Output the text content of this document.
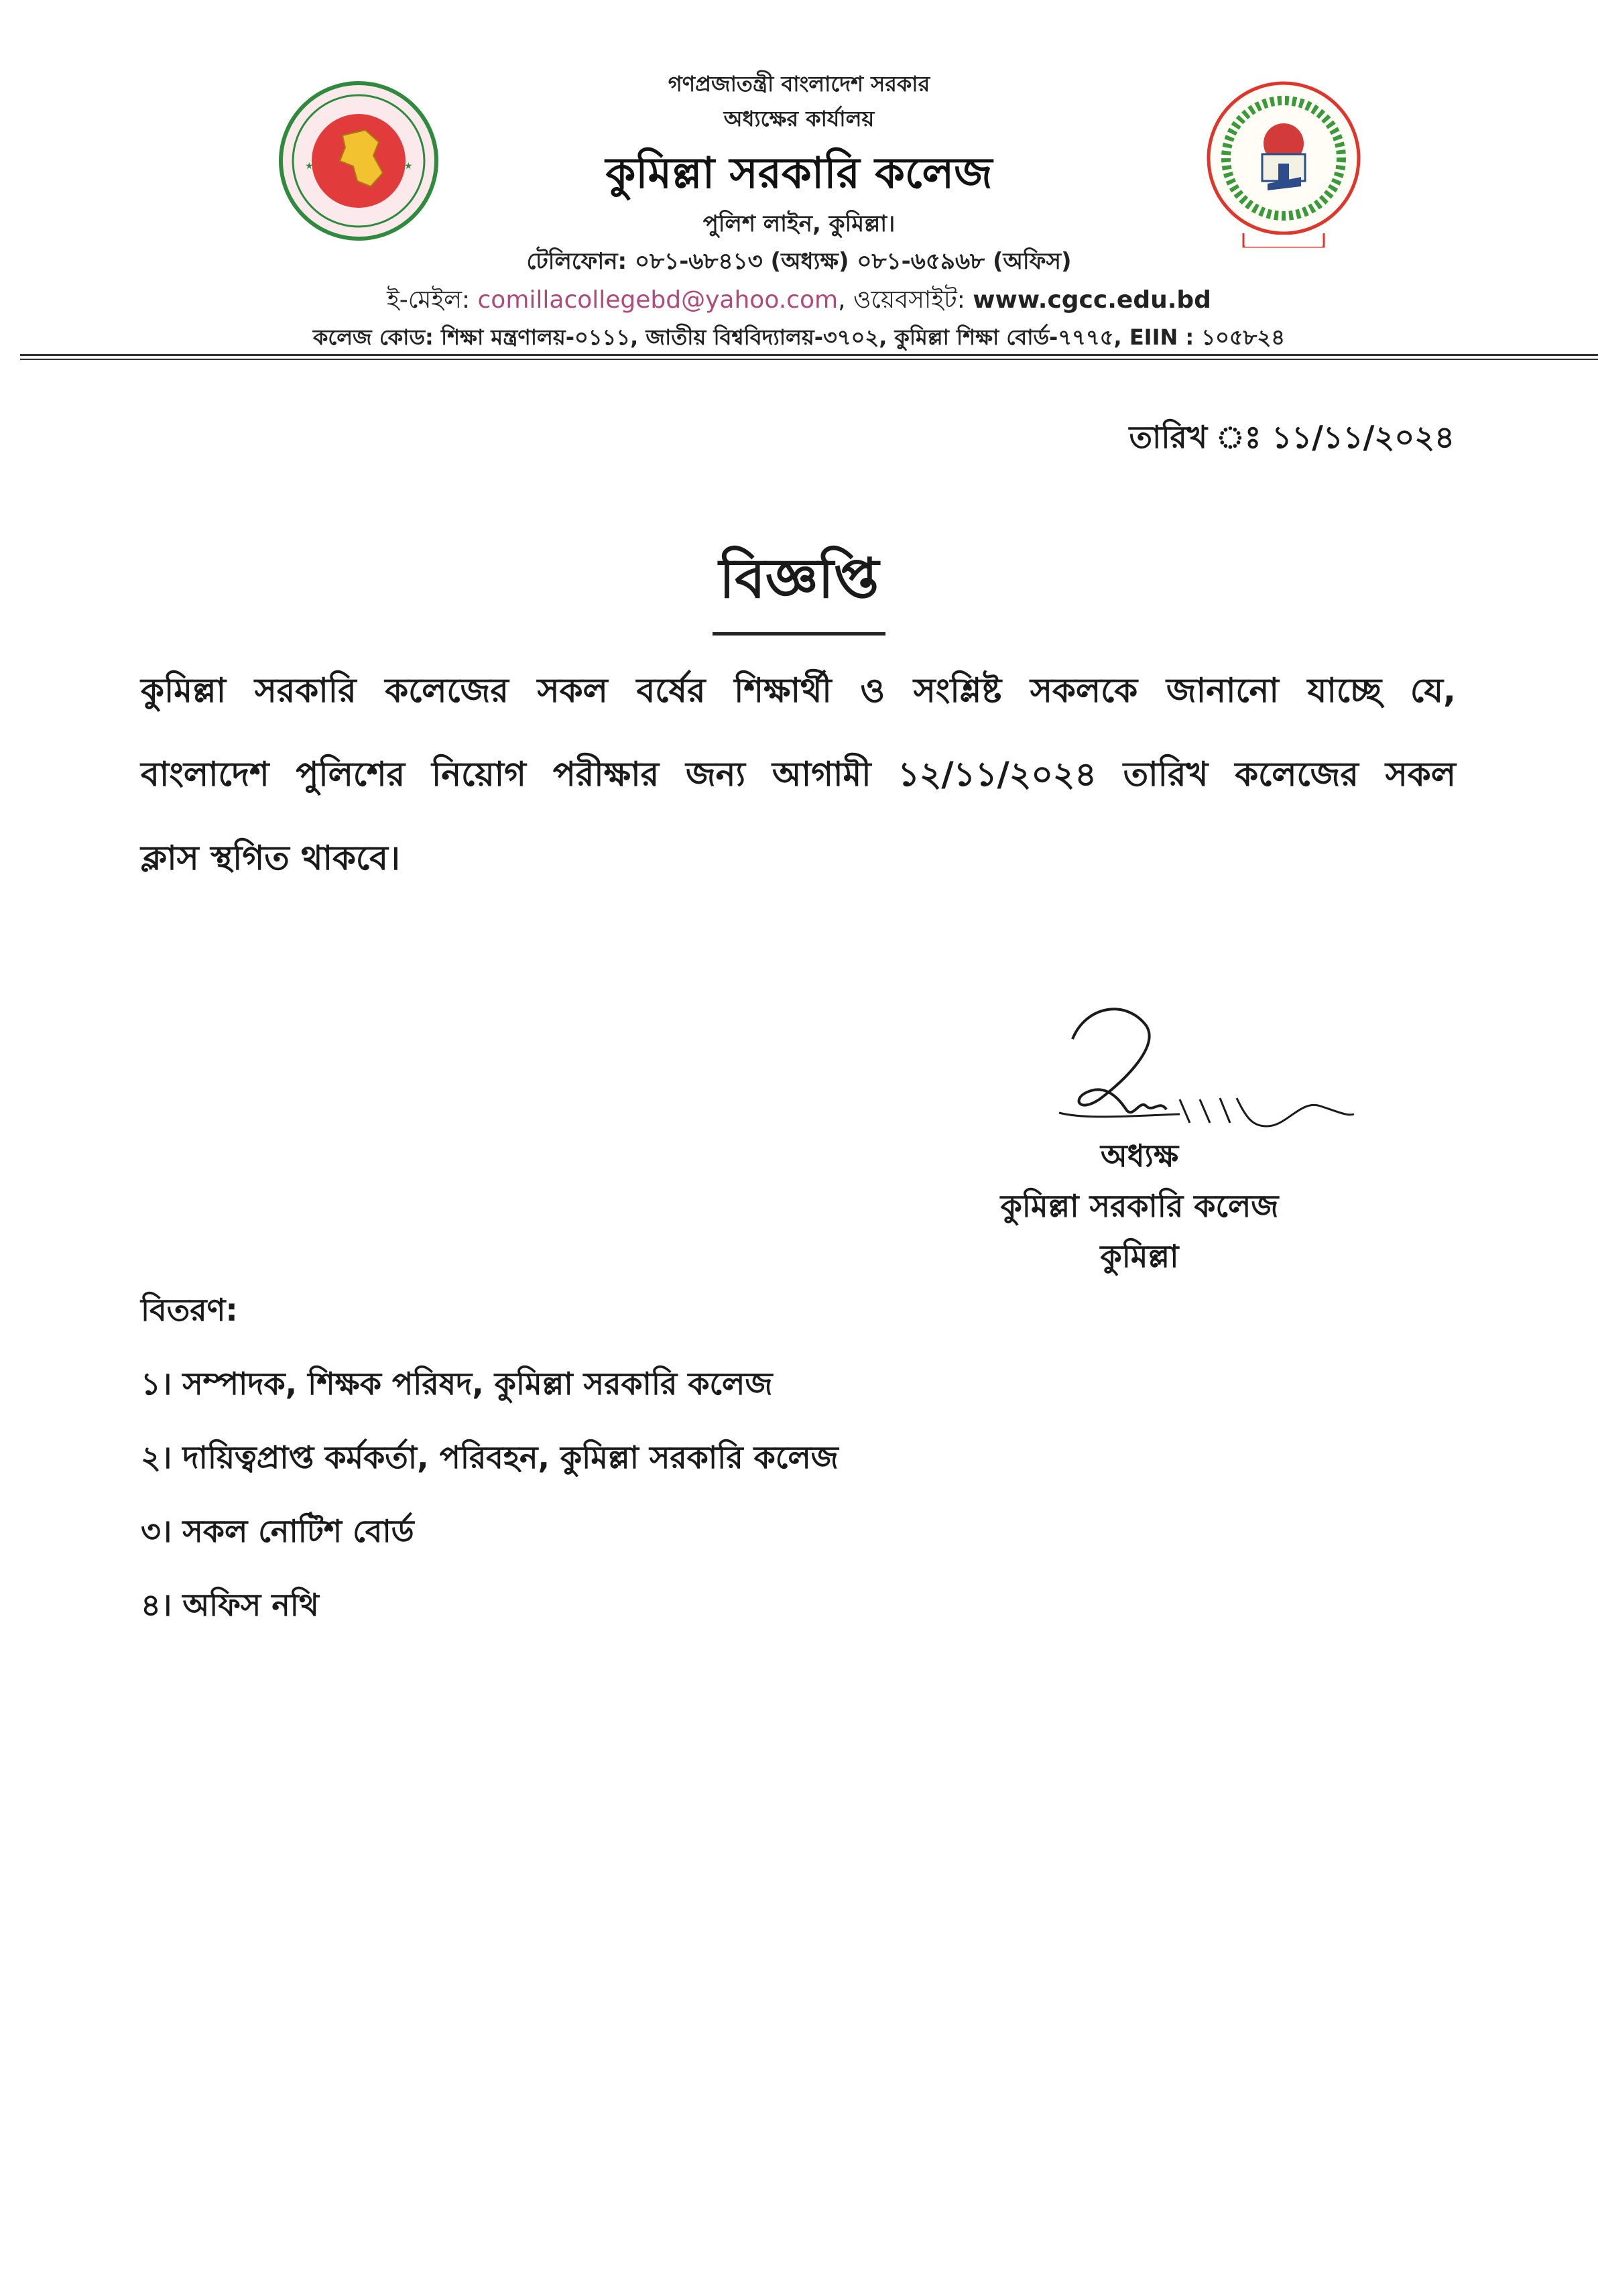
★	★
গণপ্রজাতন্ত্রী বাংলাদেশ সরকার
অধ্যক্ষের কার্যালয়
কুমিল্লা সরকারি কলেজ
পুলিশ লাইন, কুমিল্লা।
টেলিফোন: ০৮১-৬৮৪১৩ (অধ্যক্ষ) ০৮১-৬৫৯৬৮ (অফিস)
ই-মেইল: comillacollegebd@yahoo.com, ওয়েবসাইট: www.cgcc.edu.bd
কলেজ কোড: শিক্ষা মন্ত্রণালয়-০১১১, জাতীয় বিশ্ববিদ্যালয়-৩৭০২, কুমিল্লা শিক্ষা বোর্ড-৭৭৭৫, EIIN : ১০৫৮২৪
তারিখ ঃ ১১/১১/২০২৪
বিজ্ঞপ্তি
কুমিল্লা সরকারি কলেজের সকল বর্ষের শিক্ষার্থী ও সংশ্লিষ্ট সকলকে জানানো যাচ্ছে যে,
বাংলাদেশ পুলিশের নিয়োগ পরীক্ষার জন্য আগামী ১২/১১/২০২৪ তারিখ কলেজের সকল
ক্লাস স্থগিত থাকবে।
অধ্যক্ষ
কুমিল্লা সরকারি কলেজ
কুমিল্লা
বিতরণ:
১। সম্পাদক, শিক্ষক পরিষদ, কুমিল্লা সরকারি কলেজ
২। দায়িত্বপ্রাপ্ত কর্মকর্তা, পরিবহন, কুমিল্লা সরকারি কলেজ
৩। সকল নোটিশ বোর্ড
৪। অফিস নথি
